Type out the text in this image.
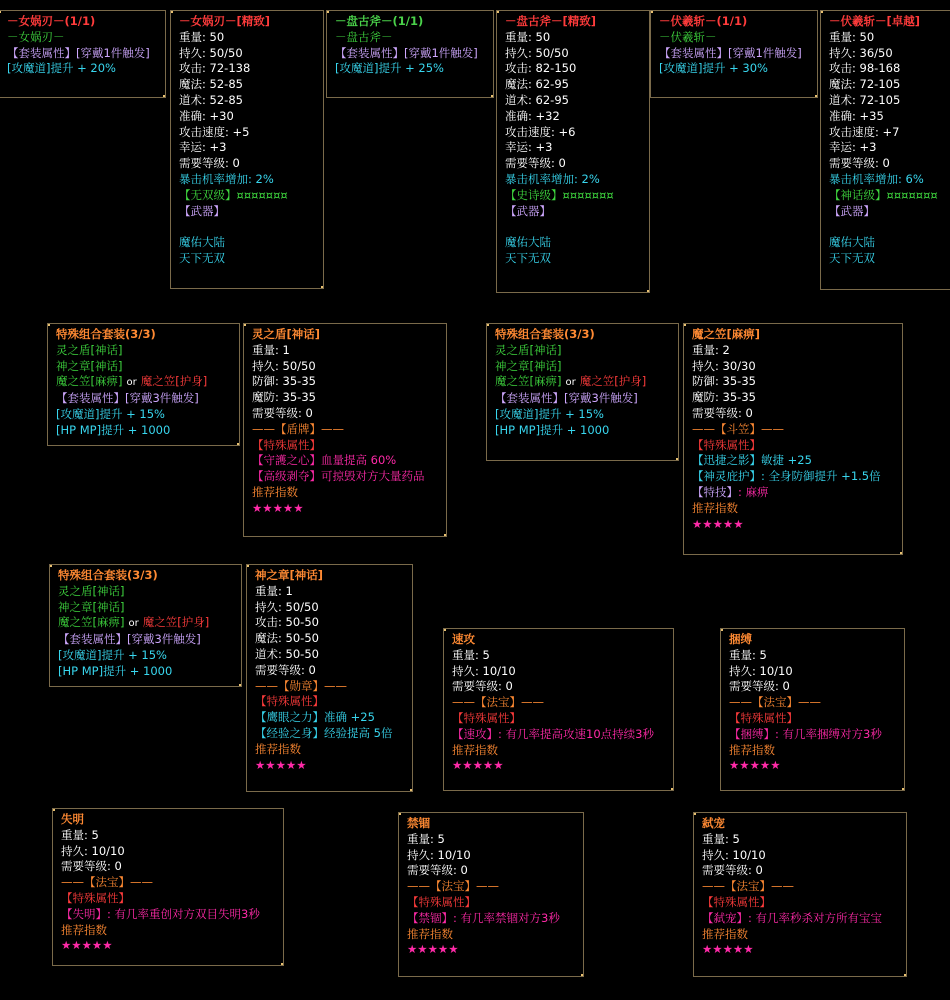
－女娲刃－(1/1)
－女娲刃－
【套装属性】[穿戴1件触发]
[攻魔道]提升 + 20%
－女娲刃－[精致]
重量: 50
持久: 50/50
攻击: 72-138
魔法: 52-85
道术: 52-85
准确: +30
攻击速度: +5
幸运: +3
需要等级: 0
暴击机率增加: 2%
【无双级】¤¤¤¤¤¤¤
【武器】
魔佑大陆
天下无双
－盘古斧－(1/1)
－盘古斧－
【套装属性】[穿戴1件触发]
[攻魔道]提升 + 25%
－盘古斧－[精致]
重量: 50
持久: 50/50
攻击: 82-150
魔法: 62-95
道术: 62-95
准确: +32
攻击速度: +6
幸运: +3
需要等级: 0
暴击机率增加: 2%
【史诗级】¤¤¤¤¤¤¤
【武器】
魔佑大陆
天下无双
－伏羲斩－(1/1)
－伏羲斩－
【套装属性】[穿戴1件触发]
[攻魔道]提升 + 30%
－伏羲斩－[卓越]
重量: 50
持久: 36/50
攻击: 98-168
魔法: 72-105
道术: 72-105
准确: +35
攻击速度: +7
幸运: +3
需要等级: 0
暴击机率增加: 6%
【神话级】¤¤¤¤¤¤¤
【武器】
魔佑大陆
天下无双
特殊组合套装(3/3)
灵之盾[神话]
神之章[神话]
魔之笠[麻痹] or 魔之笠[护身]
【套装属性】[穿戴3件触发]
[攻魔道]提升 + 15%
[HP MP]提升 + 1000
灵之盾[神话]
重量: 1
持久: 50/50
防御: 35-35
魔防: 35-35
需要等级: 0
——【盾牌】——
【特殊属性】
【守護之心】血量提高 60%
【高级剥夺】可掠毁对方大量药品
推荐指数
★★★★★
特殊组合套装(3/3)
灵之盾[神话]
神之章[神话]
魔之笠[麻痹] or 魔之笠[护身]
【套装属性】[穿戴3件触发]
[攻魔道]提升 + 15%
[HP MP]提升 + 1000
魔之笠[麻痹]
重量: 2
持久: 30/30
防御: 35-35
魔防: 35-35
需要等级: 0
——【斗笠】——
【特殊属性】
【迅捷之影】敏捷 +25
【神灵庇护】: 全身防御提升 +1.5倍
【特技】: 麻痹
推荐指数
★★★★★
特殊组合套装(3/3)
灵之盾[神话]
神之章[神话]
魔之笠[麻痹] or 魔之笠[护身]
【套装属性】[穿戴3件触发]
[攻魔道]提升 + 15%
[HP MP]提升 + 1000
神之章[神话]
重量: 1
持久: 50/50
攻击: 50-50
魔法: 50-50
道术: 50-50
需要等级: 0
——【勋章】——
【特殊属性】
【鹰眼之力】准确 +25
【经验之身】经验提高 5倍
推荐指数
★★★★★
速攻
重量: 5
持久: 10/10
需要等级: 0
——【法宝】——
【特殊属性】
【速攻】: 有几率提高攻速10点持续3秒
推荐指数
★★★★★
捆缚
重量: 5
持久: 10/10
需要等级: 0
——【法宝】——
【特殊属性】
【捆缚】: 有几率捆缚对方3秒
推荐指数
★★★★★
失明
重量: 5
持久: 10/10
需要等级: 0
——【法宝】——
【特殊属性】
【失明】: 有几率重创对方双目失明3秒
推荐指数
★★★★★
禁锢
重量: 5
持久: 10/10
需要等级: 0
——【法宝】——
【特殊属性】
【禁锢】: 有几率禁锢对方3秒
推荐指数
★★★★★
弑宠
重量: 5
持久: 10/10
需要等级: 0
——【法宝】——
【特殊属性】
【弑宠】: 有几率秒杀对方所有宝宝
推荐指数
★★★★★
